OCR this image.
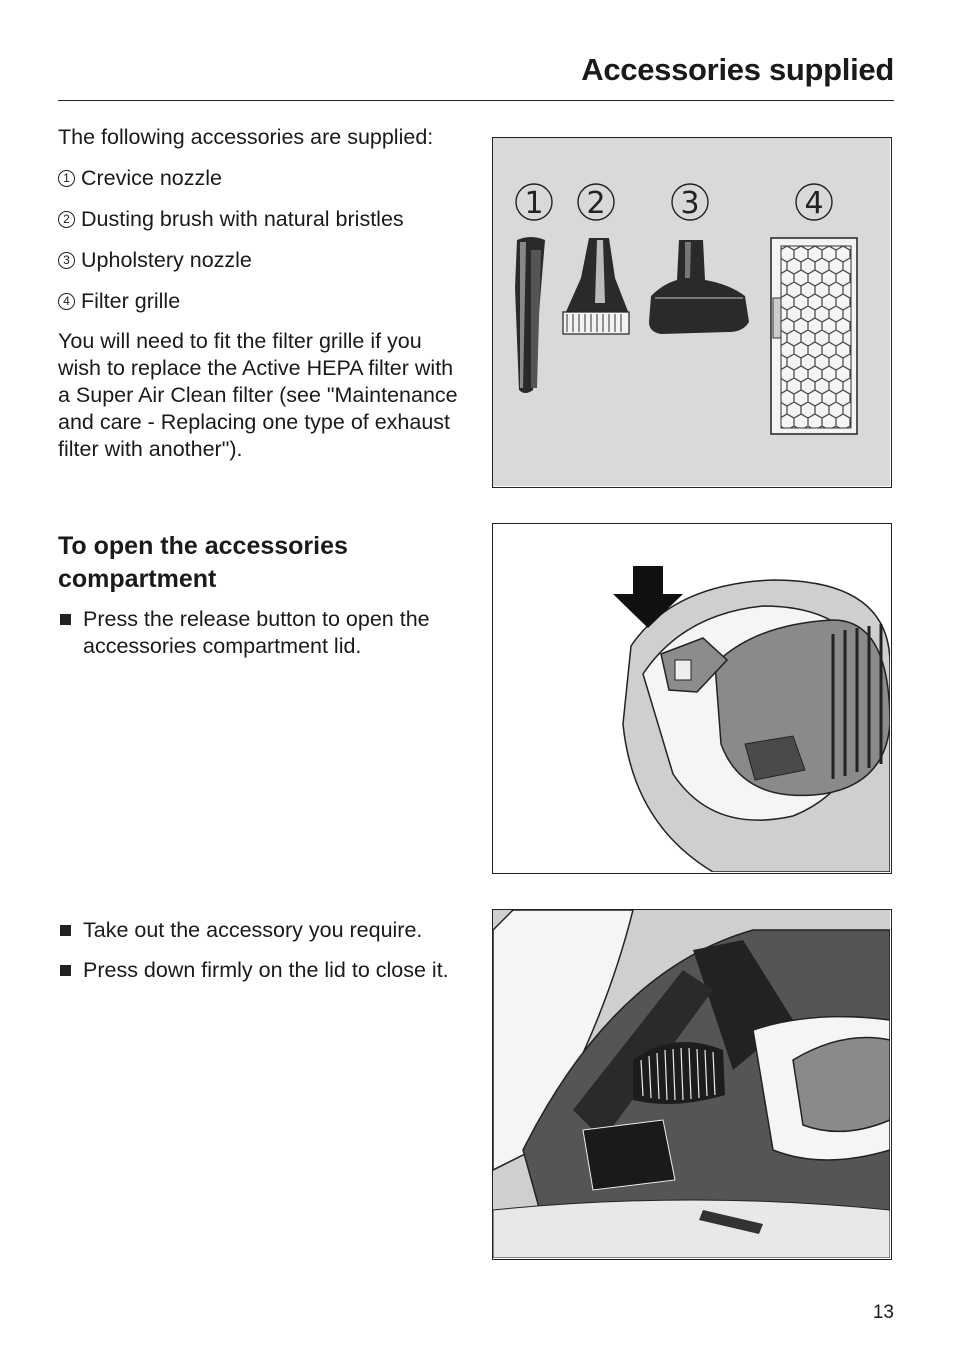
Accessories supplied

The following accessories are supplied:

1 Crevice nozzle
2 Dusting brush with natural bristles
3 Upholstery nozzle
4 Filter grille

You will need to fit the filter grille if you wish to replace the Active HEPA filter with a Super Air Clean filter (see "Maintenance and care - Replacing one type of exhaust filter with another").

To open the accessories compartment
Press the release button to open the accessories compartment lid.
Take out the accessory you require.
Press down firmly on the lid to close it.
1 2 3	4
13
